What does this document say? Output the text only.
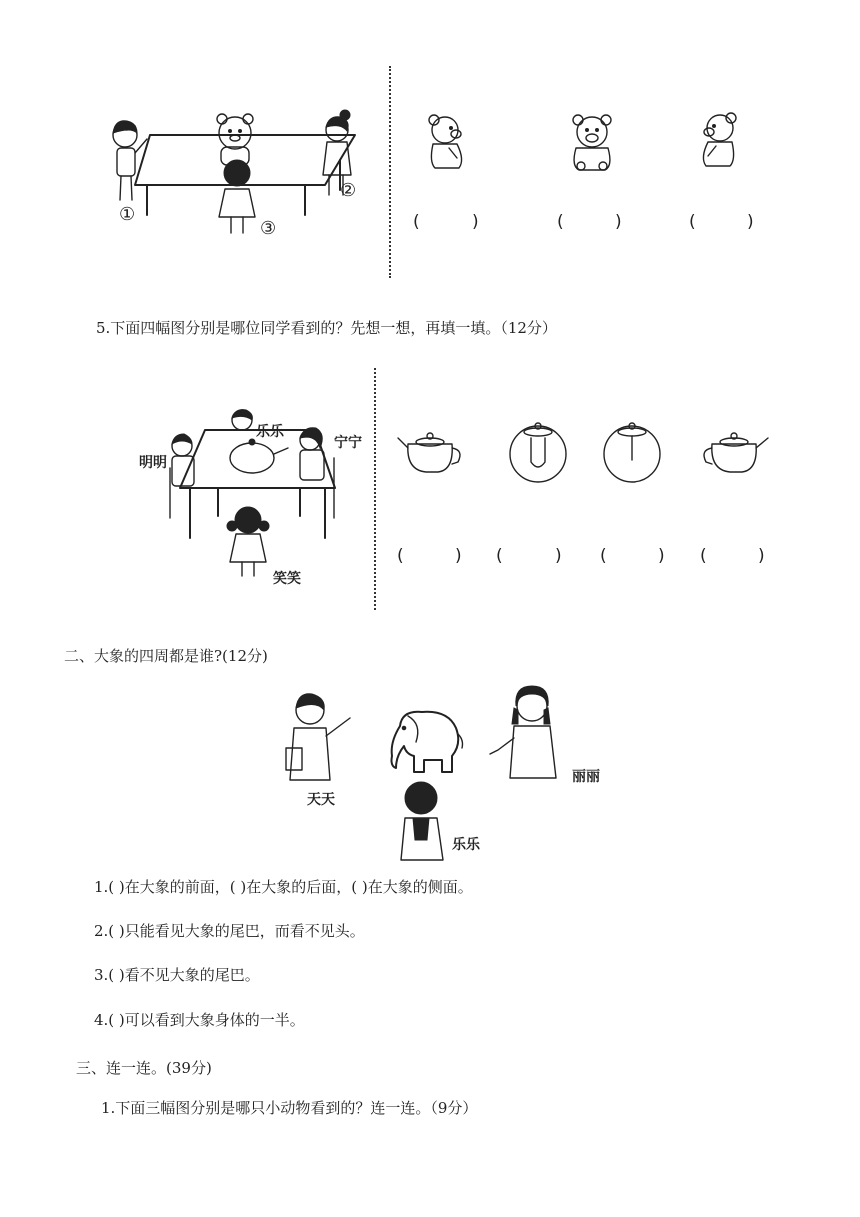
①
②
③	(	)	(	)	(	)
5.下面四幅图分别是哪位同学看到的？先想一想，再填一填。（12分）
乐乐
明明
宁宁
笑笑
(	) (	) (	) (	)
二、大象的四周都是谁?(12分)
天天
丽丽
乐乐
1.( )在大象的前面，( )在大象的后面，( )在大象的侧面。
2.( )只能看见大象的尾巴，而看不见头。
3.( )看不见大象的尾巴。
4.( )可以看到大象身体的一半。
三、连一连。(39分)
1.下面三幅图分别是哪只小动物看到的？连一连。（9分）
